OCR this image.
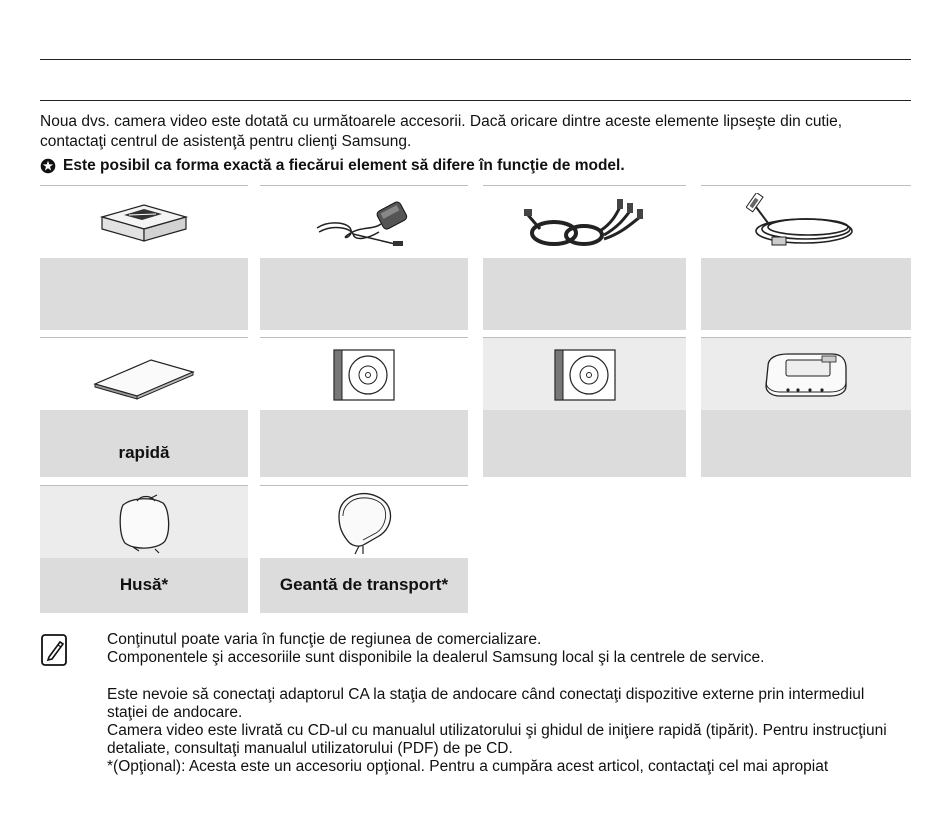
Noua dvs. camera video este dotată cu următoarele accesorii. Dacă oricare dintre aceste elemente lipseşte din cutie, contactaţi centrul de asistenţă pentru clienţi Samsung.

Este posibil ca forma exactă a fiecărui element să difere în funcţie de model.

rapidă
Husă*	Geantă de transport*

Conţinutul poate varia în funcţie de regiunea de comercializare.

Componentele şi accesoriile sunt disponibile la dealerul Samsung local şi la centrele de service.

Este nevoie să conectaţi adaptorul CA la staţia de andocare când conectaţi dispozitive externe prin intermediul staţiei de andocare.

Camera video este livrată cu CD-ul cu manualul utilizatorului şi ghidul de iniţiere rapidă (tipărit). Pentru instrucţiuni detaliate, consultaţi manualul utilizatorului (PDF) de pe CD.

*(Opţional): Acesta este un accesoriu opţional. Pentru a cumpăra acest articol, contactaţi cel mai apropiat
